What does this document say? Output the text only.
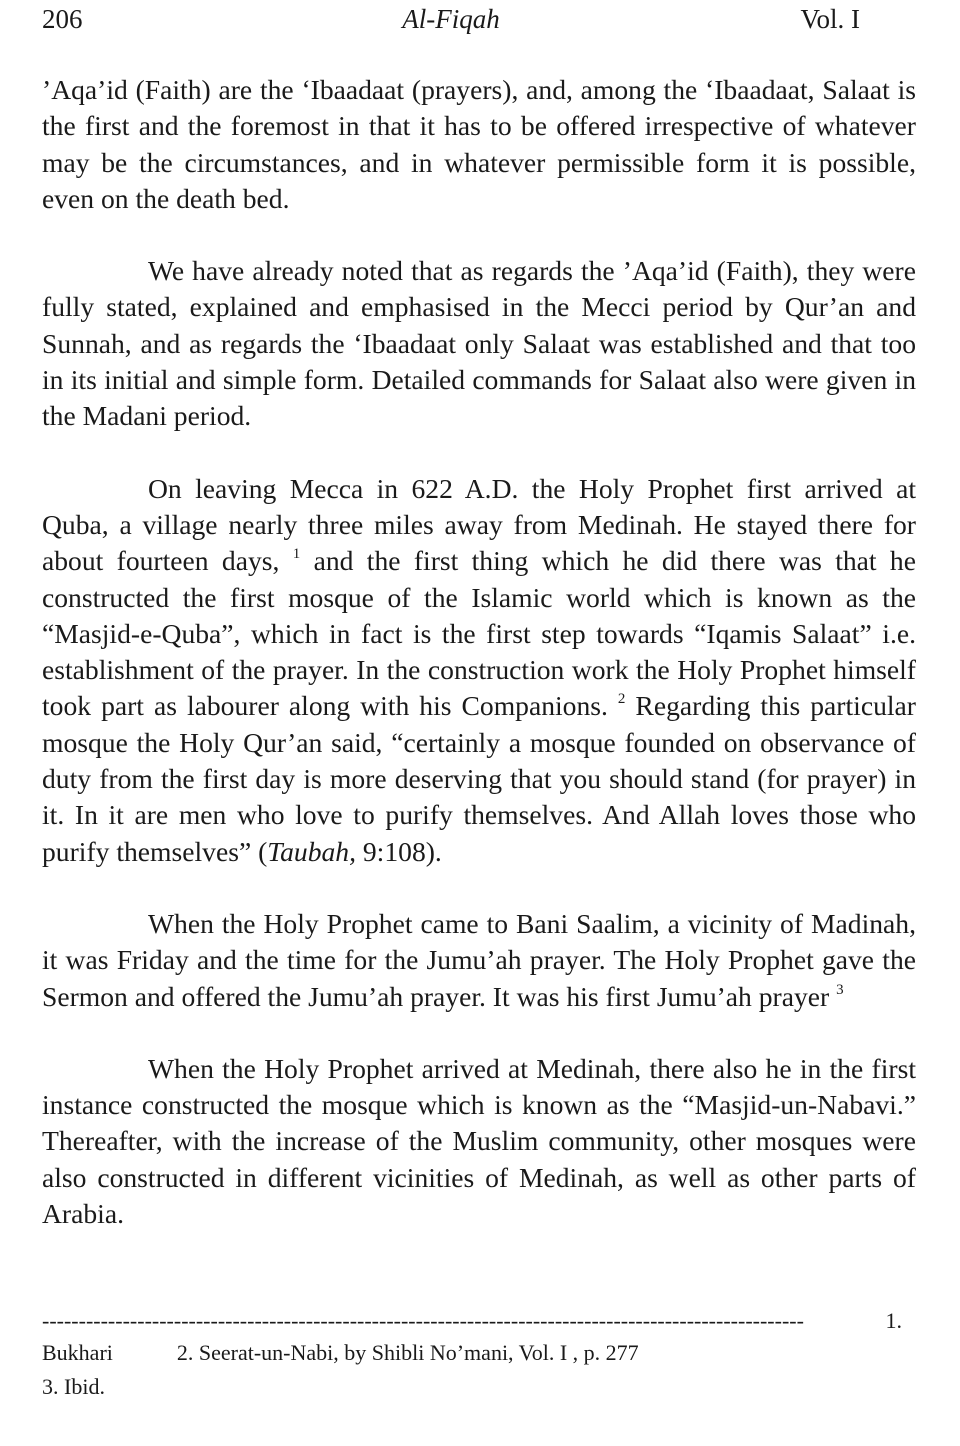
206	Al-Fiqah	Vol. I

’Aqa’id (Faith) are the ‘Ibaadaat (prayers), and, among the ‘Ibaadaat, Salaat is the first and the foremost in that it has to be offered irrespective of whatever may be the circumstances, and in whatever permissible form it is possible, even on the death bed.

We have already noted that as regards the ’Aqa’id (Faith), they were fully stated, explained and emphasised in the Mecci period by Qur’an and Sunnah, and as regards the ‘Ibaadaat only Salaat was established and that too in its initial and simple form. Detailed commands for Salaat also were given in the Madani period.

On leaving Mecca in 622 A.D. the Holy Prophet first arrived at Quba, a village nearly three miles away from Medinah. He stayed there for about fourteen days, $^1$ and the first thing which he did there was that he constructed the first mosque of the Islamic world which is known as the “Masjid-e-Quba”, which in fact is the first step towards “Iqamis Salaat” i.e. establishment of the prayer. In the construction work the Holy Prophet himself took part as labourer along with his Companions. $^2$ Regarding this particular mosque the Holy Qur’an said, “certainly a mosque founded on observance of duty from the first day is more deserving that you should stand (for prayer) in it. In it are men who love to purify themselves. And Allah loves those who purify themselves” (Taubah, 9:108).

When the Holy Prophet came to Bani Saalim, a vicinity of Madinah, it was Friday and the time for the Jumu’ah prayer. The Holy Prophet gave the Sermon and offered the Jumu’ah prayer. It was his first Jumu’ah prayer $^3$

When the Holy Prophet arrived at Medinah, there also he in the first instance constructed the mosque which is known as the “Masjid-un-Nabavi.” Thereafter, with the increase of the Muslim community, other mosques were also constructed in different vicinities of Medinah, as well as other parts of Arabia.

--------------------------------------------------------------------------------------------------------	1.
Bukhari	2. Seerat-un-Nabi, by Shibli No’mani, Vol. I , p. 277
3. Ibid.
